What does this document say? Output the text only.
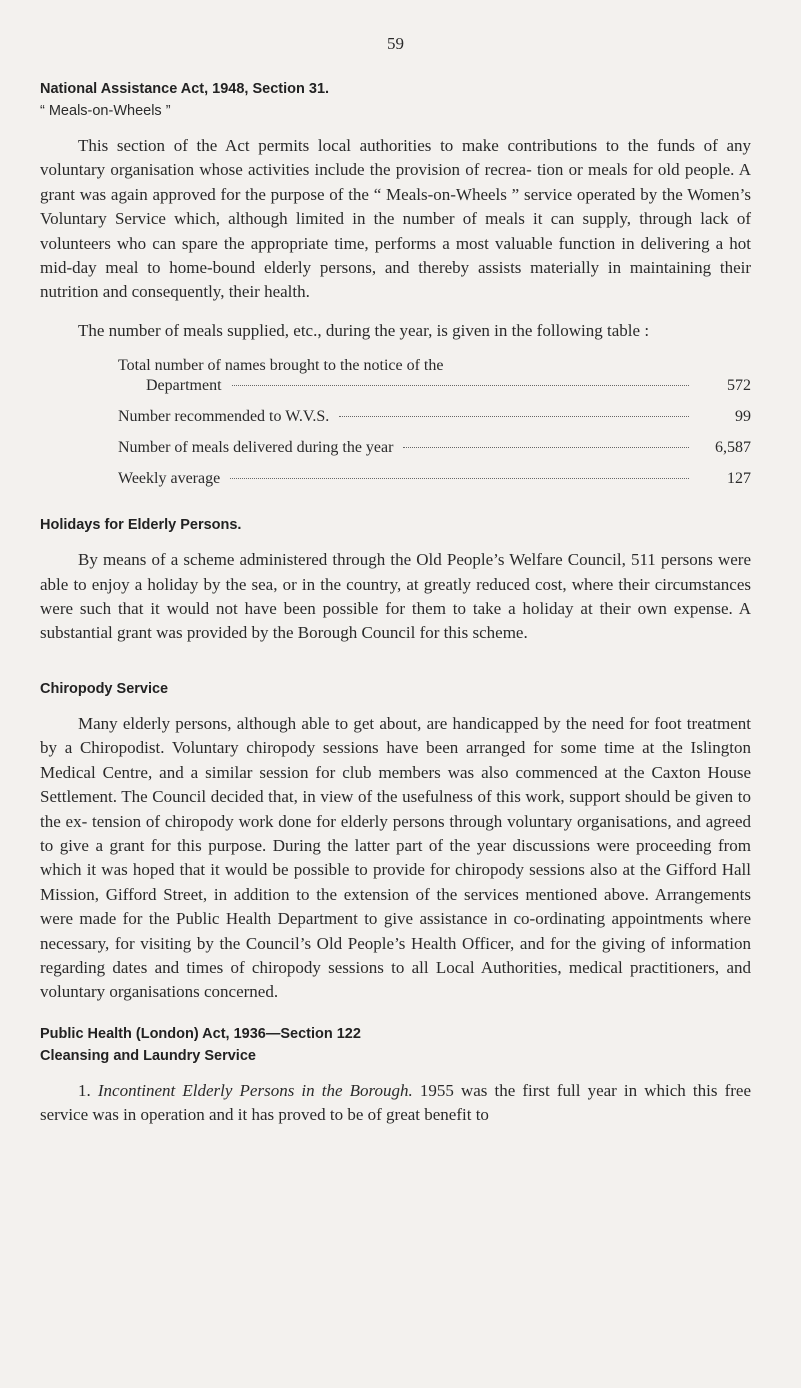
59
National Assistance Act, 1948, Section 31.
“ Meals-on-Wheels ”

This section of the Act permits local authorities to make contributions to the funds of any voluntary organisation whose activities include the provision of recrea- tion or meals for old people. A grant was again approved for the purpose of the “ Meals-on-Wheels ” service operated by the Women’s Voluntary Service which, although limited in the number of meals it can supply, through lack of volunteers who can spare the appropriate time, performs a most valuable function in delivering a hot mid-day meal to home-bound elderly persons, and thereby assists materially in maintaining their nutrition and consequently, their health.

The number of meals supplied, etc., during the year, is given in the following table :

Total number of names brought to the notice of the
Department	572
Number recommended to W.V.S.	99
Number of meals delivered during the year	6,587
Weekly average	127
Holidays for Elderly Persons.

By means of a scheme administered through the Old People’s Welfare Council, 511 persons were able to enjoy a holiday by the sea, or in the country, at greatly reduced cost, where their circumstances were such that it would not have been possible for them to take a holiday at their own expense. A substantial grant was provided by the Borough Council for this scheme.

Chiropody Service

Many elderly persons, although able to get about, are handicapped by the need for foot treatment by a Chiropodist. Voluntary chiropody sessions have been arranged for some time at the Islington Medical Centre, and a similar session for club members was also commenced at the Caxton House Settlement. The Council decided that, in view of the usefulness of this work, support should be given to the ex- tension of chiropody work done for elderly persons through voluntary organisations, and agreed to give a grant for this purpose. During the latter part of the year discussions were proceeding from which it was hoped that it would be possible to provide for chiropody sessions also at the Gifford Hall Mission, Gifford Street, in addition to the extension of the services mentioned above. Arrangements were made for the Public Health Department to give assistance in co-ordinating appointments where necessary, for visiting by the Council’s Old People’s Health Officer, and for the giving of information regarding dates and times of chiropody sessions to all Local Authorities, medical practitioners, and voluntary organisations concerned.

Public Health (London) Act, 1936—Section 122
Cleansing and Laundry Service

1. Incontinent Elderly Persons in the Borough. 1955 was the first full year in which this free service was in operation and it has proved to be of great benefit to
